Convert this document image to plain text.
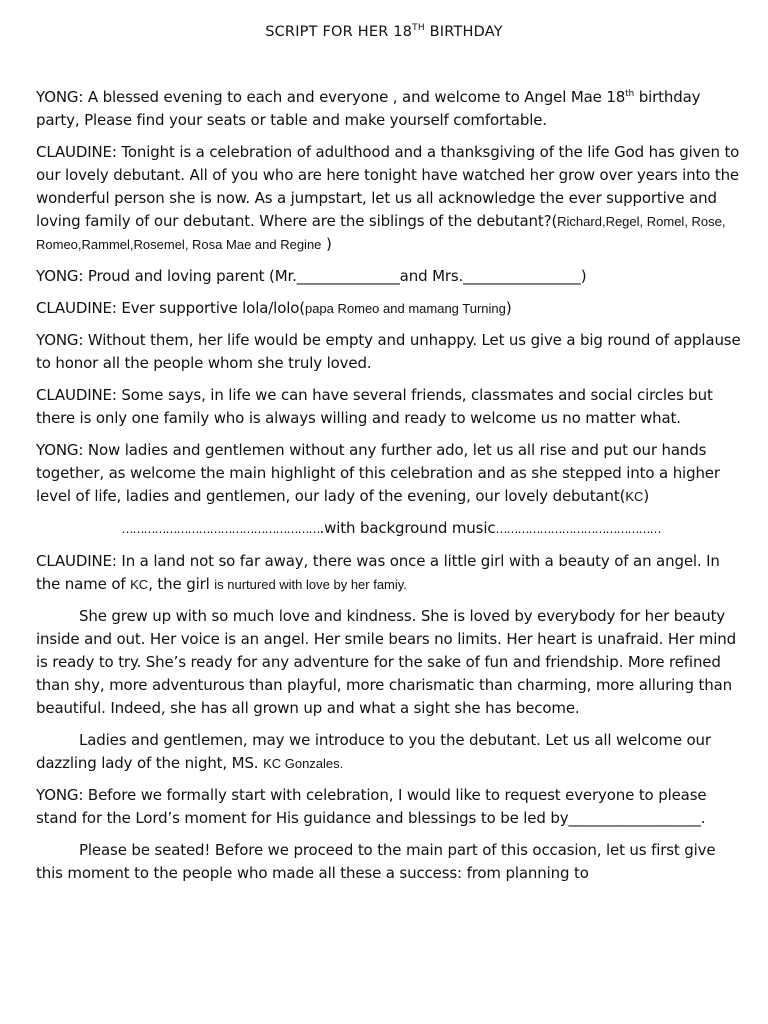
SCRIPT FOR HER 18TH BIRTHDAY

YONG: A blessed evening to each and everyone , and welcome to Angel Mae 18th birthday party, Please find your seats or table and make yourself comfortable.

CLAUDINE: Tonight is a celebration of adulthood and a thanksgiving of the life God has given to our lovely debutant. All of you who are here tonight have watched her grow over years into the wonderful person she is now. As a jumpstart, let us all acknowledge the ever supportive and loving family of our debutant. Where are the siblings of the debutant?(Richard,Regel, Romel, Rose, Romeo,Rammel,Rosemel, Rosa Mae and Regine )

YONG: Proud and loving parent (Mr.______________and Mrs.________________)

CLAUDINE: Ever supportive lola/lolo(papa Romeo and mamang Turning)

YONG: Without them, her life would be empty and unhappy. Let us give a big round of applause to honor all the people whom she truly loved.

CLAUDINE: Some says, in life we can have several friends, classmates and social circles but there is only one family who is always willing and ready to welcome us no matter what.

YONG: Now ladies and gentlemen without any further ado, let us all rise and put our hands together, as welcome the main highlight of this celebration and as she stepped into a higher level of life, ladies and gentlemen, our lady of the evening, our lovely debutant(KC)

……………………………………………….with background music………………………………………

CLAUDINE: In a land not so far away, there was once a little girl with a beauty of an angel. In the name of KC, the girl is nurtured with love by her famiy.

She grew up with so much love and kindness. She is loved by everybody for her beauty inside and out. Her voice is an angel. Her smile bears no limits. Her heart is unafraid. Her mind is ready to try. She’s ready for any adventure for the sake of fun and friendship. More refined than shy, more adventurous than playful, more charismatic than charming, more alluring than beautiful. Indeed, she has all grown up and what a sight she has become.

Ladies and gentlemen, may we introduce to you the debutant. Let us all welcome our dazzling lady of the night, MS. KC Gonzales.

YONG: Before we formally start with celebration, I would like to request everyone to please stand for the Lord’s moment for His guidance and blessings to be led by__________________.

Please be seated! Before we proceed to the main part of this occasion, let us first give this moment to the people who made all these a success: from planning to
